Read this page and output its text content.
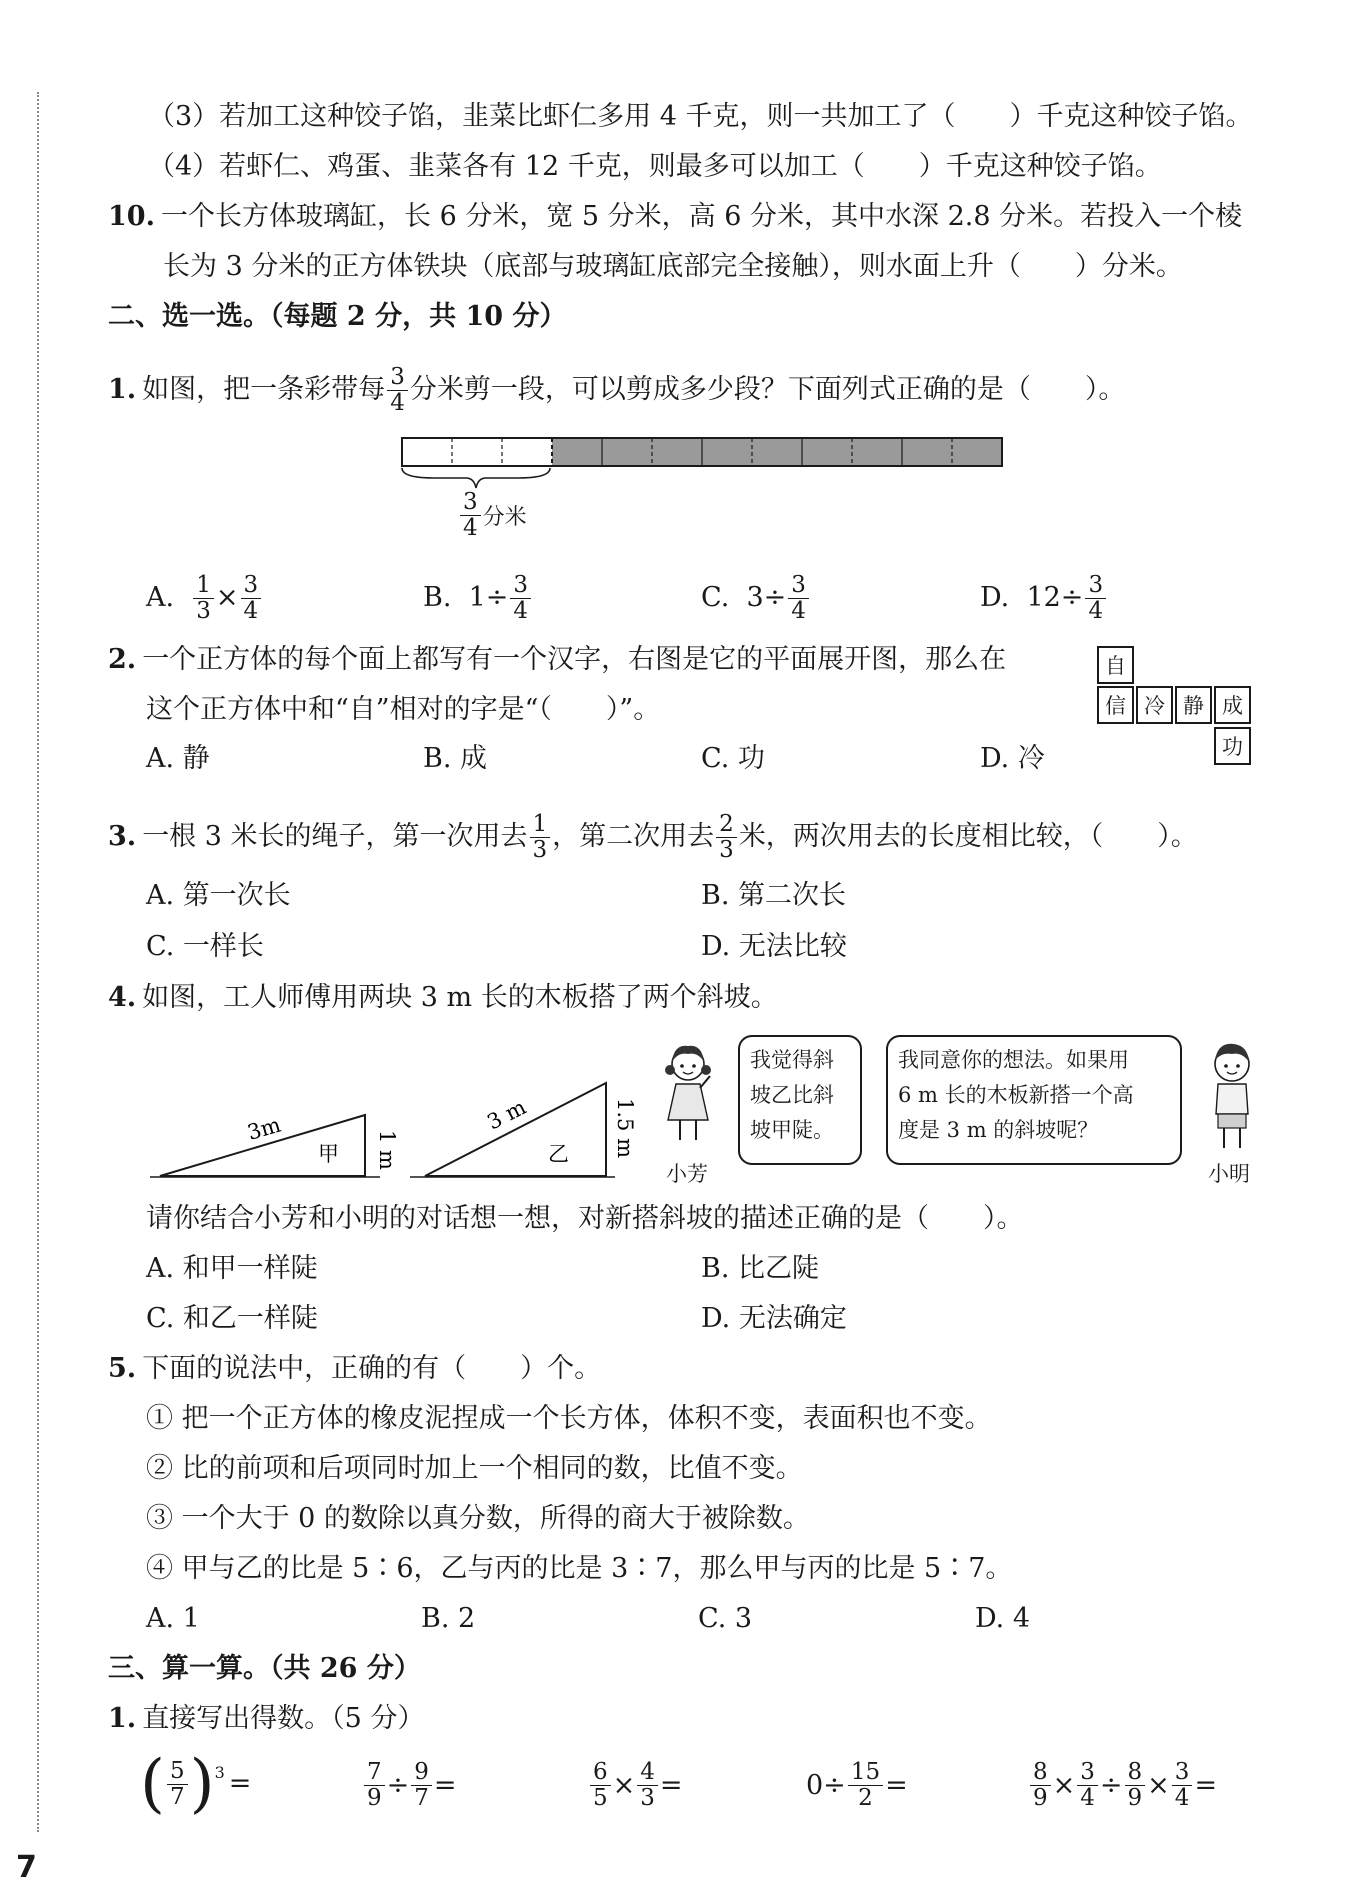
（3）若加工这种饺子馅，韭菜比虾仁多用 4 千克，则一共加工了（　　）千克这种饺子馅。
（4）若虾仁、鸡蛋、韭菜各有 12 千克，则最多可以加工（　　）千克这种饺子馅。
10. 一个长方体玻璃缸，长 6 分米，宽 5 分米，高 6 分米，其中水深 2.8 分米。若投入一个棱
长为 3 分米的正方体铁块（底部与玻璃缸底部完全接触），则水面上升（　　）分米。
二、选一选。（每题 2 分，共 10 分）
1. 如图，把一条彩带每 $\frac{3}{4}$ 分米剪一段，可以剪成多少段？下面列式正确的是（　　）。
$\frac{3}{4}$ 分米
A. $\frac{1}{3} \times \frac{3}{4}$	B. $1\div \frac{3}{4}$	C. $3\div \frac{3}{4}$	D. $12\div \frac{3}{4}$
2. 一个正方体的每个面上都写有一个汉字，右图是它的平面展开图，那么在
这个正方体中和“自”相对的字是“（　　）”。
自
信 冷 静 成
功
A. 静	B. 成	C. 功	D. 冷
3. 一根 3 米长的绳子，第一次用去 $\frac{1}{3}$ ，第二次用去 $\frac{2}{3}$ 米，两次用去的长度相比较，（　　）。
A. 第一次长	B. 第二次长
C. 一样长	D. 无法比较
4. 如图，工人师傅用两块 3 m 长的木板搭了两个斜坡。
3m
甲 1 m
3 m
乙 1.5 m
小芳
我觉得斜
坡乙比斜
坡甲陡。
我同意你的想法。如果用
6 m 长的木板新搭一个高
度是 3 m 的斜坡呢？
小明
请你结合小芳和小明的对话想一想，对新搭斜坡的描述正确的是（　　）。
A. 和甲一样陡	B. 比乙陡
C. 和乙一样陡	D. 无法确定
5. 下面的说法中，正确的有（　　）个。
① 把一个正方体的橡皮泥捏成一个长方体，体积不变，表面积也不变。
② 比的前项和后项同时加上一个相同的数，比值不变。
③ 一个大于 0 的数除以真分数，所得的商大于被除数。
④ 甲与乙的比是 5∶6，乙与丙的比是 3∶7，那么甲与丙的比是 5∶7。
A. 1	B. 2	C. 3	D. 4
三、算一算。（共 26 分）
1. 直接写出得数。（5 分）
( $\frac{5}{7}$ ) 3 =	$\frac{7}{9} \div \frac{9}{7}$ =	$\frac{6}{5} \times \frac{4}{3}$ =	$0\div \frac{15}{2}$ =	$\frac{8}{9} \times \frac{3}{4} \div \frac{8}{9} \times \frac{3}{4}$ =
7
